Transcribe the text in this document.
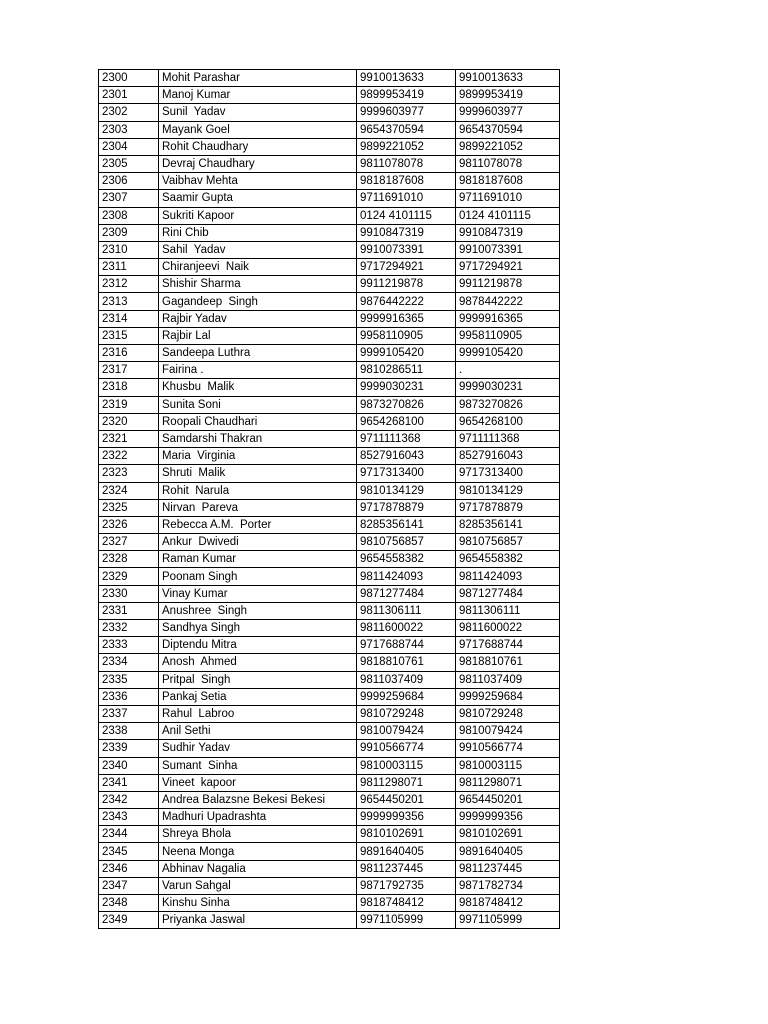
2300	Mohit Parashar	9910013633	9910013633
2301	Manoj Kumar	9899953419	9899953419
2302	Sunil  Yadav	9999603977	9999603977
2303	Mayank Goel	9654370594	9654370594
2304	Rohit Chaudhary	9899221052	9899221052
2305	Devraj Chaudhary	9811078078	9811078078
2306	Vaibhav Mehta	9818187608	9818187608
2307	Saamir Gupta	9711691010	9711691010
2308	Sukriti Kapoor	0124 4101115	0124 4101115
2309	Rini Chib	9910847319	9910847319
2310	Sahil  Yadav	9910073391	9910073391
2311	Chiranjeevi  Naik	9717294921	9717294921
2312	Shishir Sharma	9911219878	9911219878
2313	Gagandeep  Singh	9876442222	9878442222
2314	Rajbir Yadav	9999916365	9999916365
2315	Rajbir Lal	9958110905	9958110905
2316	Sandeepa Luthra	9999105420	9999105420
2317	Fairina .	9810286511	.
2318	Khusbu  Malik	9999030231	9999030231
2319	Sunita Soni	9873270826	9873270826
2320	Roopali Chaudhari	9654268100	9654268100
2321	Samdarshi Thakran	9711111368	9711111368
2322	Maria  Virginia	8527916043	8527916043
2323	Shruti  Malik	9717313400	9717313400
2324	Rohit  Narula	9810134129	9810134129
2325	Nirvan  Pareva	9717878879	9717878879
2326	Rebecca A.M.  Porter	8285356141	8285356141
2327	Ankur  Dwivedi	9810756857	9810756857
2328	Raman Kumar	9654558382	9654558382
2329	Poonam Singh	9811424093	9811424093
2330	Vinay Kumar	9871277484	9871277484
2331	Anushree  Singh	9811306111	9811306111
2332	Sandhya Singh	9811600022	9811600022
2333	Diptendu Mitra	9717688744	9717688744
2334	Anosh  Ahmed	9818810761	9818810761
2335	Pritpal  Singh	9811037409	9811037409
2336	Pankaj Setia	9999259684	9999259684
2337	Rahul  Labroo	9810729248	9810729248
2338	Anil Sethi	9810079424	9810079424
2339	Sudhir Yadav	9910566774	9910566774
2340	Sumant  Sinha	9810003115	9810003115
2341	Vineet  kapoor	9811298071	9811298071
2342	Andrea Balazsne Bekesi Bekesi	9654450201	9654450201
2343	Madhuri Upadrashta	9999999356	9999999356
2344	Shreya Bhola	9810102691	9810102691
2345	Neena Monga	9891640405	9891640405
2346	Abhinav Nagalia	9811237445	9811237445
2347	Varun Sahgal	9871792735	9871782734
2348	Kinshu Sinha	9818748412	9818748412
2349	Priyanka Jaswal	9971105999	9971105999
